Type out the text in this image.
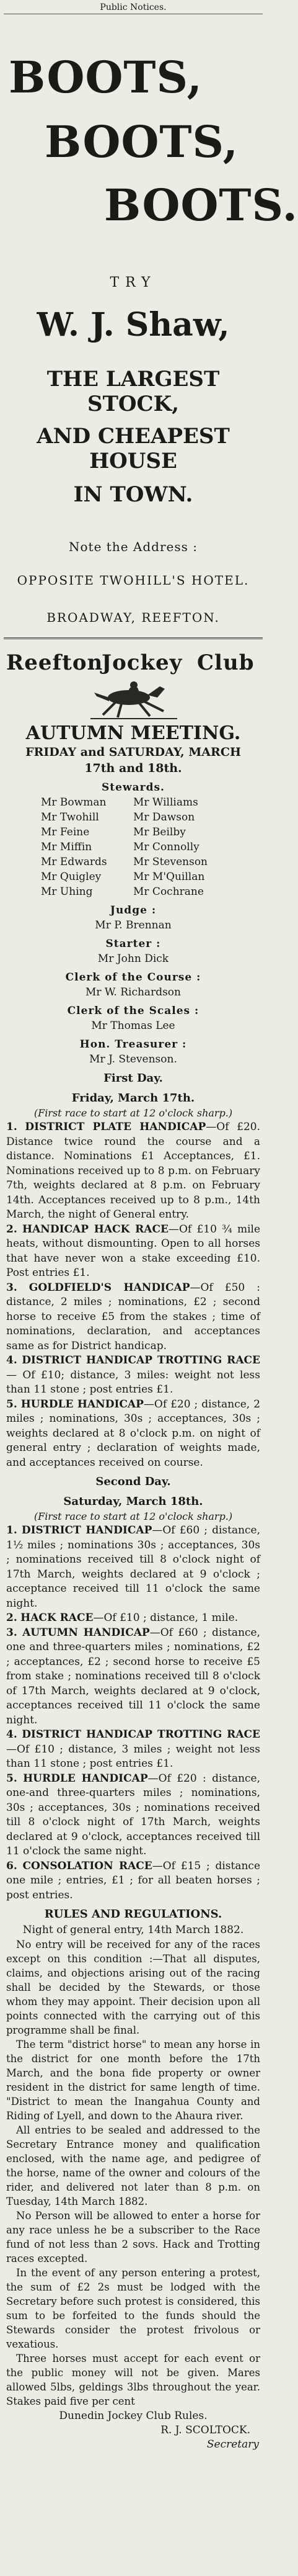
Public Notices.
BOOTS,
BOOTS,
BOOTS.
TRY
W. J. Shaw,
THE LARGEST STOCK,
AND CHEAPEST HOUSE
IN TOWN.
Note the Address :
OPPOSITE TWOHILL'S HOTEL.
BROADWAY, REEFTON.
Reefton
Jockey Club
AUTUMN MEETING.
FRIDAY and SATURDAY, MARCH
17th and 18th.
Stewards.
Mr Bowman
Mr Twohill
Mr Feine
Mr Miffin
Mr Edwards
Mr Quigley
Mr Uhing
Mr Williams
Mr Dawson
Mr Beilby
Mr Connolly
Mr Stevenson
Mr M'Quillan
Mr Cochrane
Judge :
Mr P. Brennan
Starter :
Mr John Dick
Clerk of the Course :
Mr W. Richardson
Clerk of the Scales :
Mr Thomas Lee
Hon. Treasurer :
Mr J. Stevenson.
First Day.
Friday, March 17th.
(First race to start at 12 o'clock sharp.)
1. DISTRICT PLATE HANDICAP—Of £20. Distance twice round the course and a distance. Nominations £1 Acceptances, £1. Nominations received up to 8 p.m. on February 7th, weights declared at 8 p.m. on February 14th. Acceptances received up to 8 p.m., 14th March, the night of General entry.
2. HANDICAP HACK RACE—Of £10 ¾ mile heats, without dismounting. Open to all horses that have never won a stake exceeding £10. Post entries £1.
3. GOLDFIELD'S HANDICAP—Of £50 : distance, 2 miles ; nominations, £2 ; second horse to receive £5 from the stakes ; time of nominations, declaration, and acceptances same as for District handicap.
4. DISTRICT HANDICAP TROTTING RACE— Of £10; distance, 3 miles: weight not less than 11 stone ; post entries £1.
5. HURDLE HANDICAP—Of £20 ; distance, 2 miles ; nominations, 30s ; acceptances, 30s ; weights declared at 8 o'clock p.m. on night of general entry ; declaration of weights made, and acceptances received on course.
Second Day.
Saturday, March 18th.
(First race to start at 12 o'clock sharp.)
1. DISTRICT HANDICAP—Of £60 ; distance, 1½ miles ; nominations 30s ; acceptances, 30s ; nominations received till 8 o'clock night of 17th March, weights declared at 9 o'clock ; acceptance received till 11 o'clock the same night.
2. HACK RACE—Of £10 ; distance, 1 mile.
3. AUTUMN HANDICAP—Of £60 ; distance, one and three-quarters miles ; nominations, £2 ; acceptances, £2 ; second horse to receive £5 from stake ; nominations received till 8 o'clock of 17th March, weights declared at 9 o'clock, acceptances received till 11 o'clock the same night.
4. DISTRICT HANDICAP TROTTING RACE—Of £10 ; distance, 3 miles ; weight not less than 11 stone ; post entries £1.
5. HURDLE HANDICAP—Of £20 : distance, one-and three-quarters miles ; nominations, 30s ; acceptances, 30s ; nominations received till 8 o'clock night of 17th March, weights declared at 9 o'clock, acceptances received till 11 o'clock the same night.
6. CONSOLATION RACE—Of £15 ; distance one mile ; entries, £1 ; for all beaten horses ; post entries.
RULES AND REGULATIONS.
Night of general entry, 14th March 1882.
No entry will be received for any of the races except on this condition :—That all disputes, claims, and objections arising out of the racing shall be decided by the Stewards, or those whom they may appoint. Their decision upon all points connected with the carrying out of this programme shall be final.
The term "district horse" to mean any horse in the district for one month before the 17th March, and the bona fide property or owner resident in the district for same length of time. "District to mean the Inangahua County and Riding of Lyell, and down to the Ahaura river.
All entries to be sealed and addressed to the Secretary Entrance money and qualification enclosed, with the name age, and pedigree of the horse, name of the owner and colours of the rider, and delivered not later than 8 p.m. on Tuesday, 14th March 1882.
No Person will be allowed to enter a horse for any race unless he be a subscriber to the Race fund of not less than 2 sovs. Hack and Trotting races excepted.
In the event of any person entering a protest, the sum of £2 2s must be lodged with the Secretary before such protest is considered, this sum to be forfeited to the funds should the Stewards consider the protest frivolous or vexatious.
Three horses must accept for each event or the public money will not be given. Mares allowed 5lbs, geldings 3lbs throughout the year. Stakes paid five per cent
Dunedin Jockey Club Rules.
R. J. SCOLTOCK.
Secretary
